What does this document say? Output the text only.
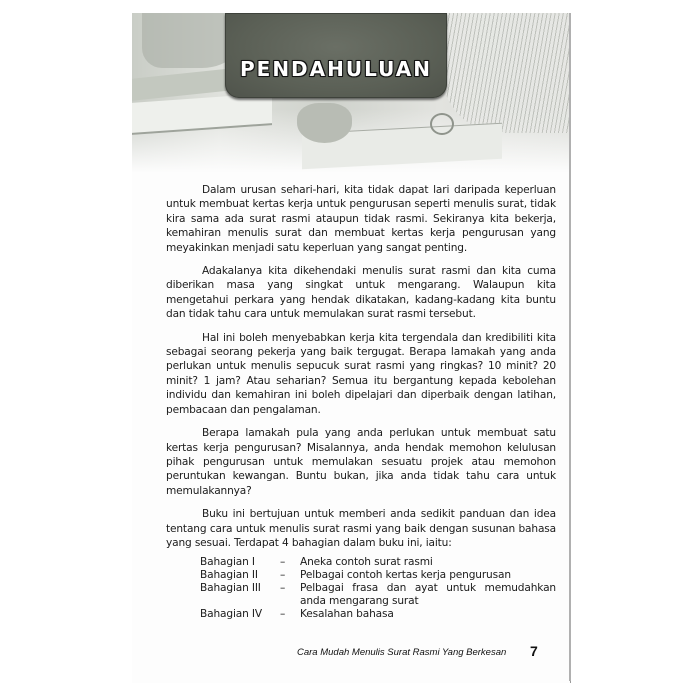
PENDAHULUAN

Dalam urusan sehari-hari, kita tidak dapat lari daripada keperluan untuk membuat kertas kerja untuk pengurusan seperti menulis surat, tidak kira sama ada surat rasmi ataupun tidak rasmi. Sekiranya kita bekerja, kemahiran menulis surat dan membuat kertas kerja pengurusan yang meyakinkan menjadi satu keperluan yang sangat penting.

Adakalanya kita dikehendaki menulis surat rasmi dan kita cuma diberikan masa yang singkat untuk mengarang. Walaupun kita mengetahui perkara yang hendak dikatakan, kadang-kadang kita buntu dan tidak tahu cara untuk memulakan surat rasmi tersebut.

Hal ini boleh menyebabkan kerja kita tergendala dan kredibiliti kita sebagai seorang pekerja yang baik tergugat. Berapa lamakah yang anda perlukan untuk menulis sepucuk surat rasmi yang ringkas? 10 minit? 20 minit? 1 jam? Atau seharian? Semua itu bergantung kepada kebolehan individu dan kemahiran ini boleh dipelajari dan diperbaik dengan latihan, pembacaan dan pengalaman.

Berapa lamakah pula yang anda perlukan untuk membuat satu kertas kerja pengurusan? Misalannya, anda hendak memohon kelulusan pihak pengurusan untuk memulakan sesuatu projek atau memohon peruntukan kewangan. Buntu bukan, jika anda tidak tahu cara untuk memulakannya?

Buku ini bertujuan untuk memberi anda sedikit panduan dan idea tentang cara untuk menulis surat rasmi yang baik dengan susunan bahasa yang sesuai. Terdapat 4 bahagian dalam buku ini, iaitu:

Bahagian I	–	Aneka contoh surat rasmi
Bahagian II	–	Pelbagai contoh kertas kerja pengurusan
Bahagian III	–	Pelbagai frasa dan ayat untuk memudahkan anda mengarang surat
Bahagian IV	–	Kesalahan bahasa
Cara Mudah Menulis Surat Rasmi Yang Berkesan 7
